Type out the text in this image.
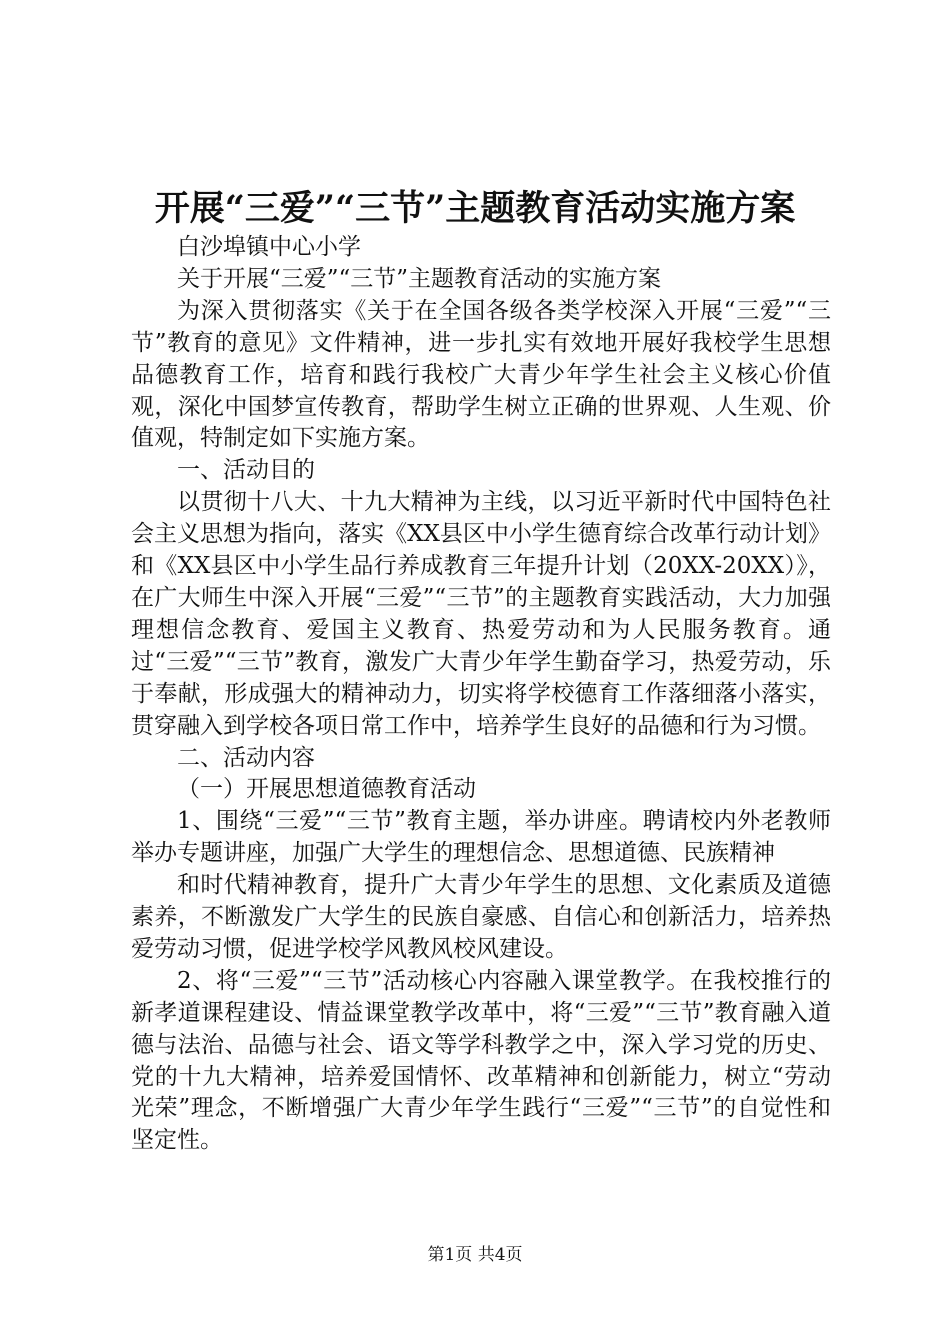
开展“三爱”“三节”主题教育活动实施方案

白沙埠镇中心小学

关于开展“三爱”“三节”主题教育活动的实施方案

为深入贯彻落实《关于在全国各级各类学校深入开展“三爱”“三节”教育的意见》文件精神，进一步扎实有效地开展好我校学生思想品德教育工作，培育和践行我校广大青少年学生社会主义核心价值观，深化中国梦宣传教育，帮助学生树立正确的世界观、人生观、价值观，特制定如下实施方案。

一、活动目的

以贯彻十八大、十九大精神为主线，以习近平新时代中国特色社会主义思想为指向，落实《XX县区中小学生德育综合改革行动计划》和《XX县区中小学生品行养成教育三年提升计划（20XX-20XX）》，在广大师生中深入开展“三爱”“三节”的主题教育实践活动，大力加强理想信念教育、爱国主义教育、热爱劳动和为人民服务教育。通过“三爱”“三节”教育，激发广大青少年学生勤奋学习，热爱劳动，乐于奉献，形成强大的精神动力，切实将学校德育工作落细落小落实，贯穿融入到学校各项日常工作中，培养学生良好的品德和行为习惯。

二、活动内容

（一）开展思想道德教育活动

1、围绕“三爱”“三节”教育主题，举办讲座。聘请校内外老教师举办专题讲座，加强广大学生的理想信念、思想道德、民族精神

和时代精神教育，提升广大青少年学生的思想、文化素质及道德素养，不断激发广大学生的民族自豪感、自信心和创新活力，培养热爱劳动习惯，促进学校学风教风校风建设。

2、将“三爱”“三节”活动核心内容融入课堂教学。在我校推行的新孝道课程建设、情益课堂教学改革中，将“三爱”“三节”教育融入道德与法治、品德与社会、语文等学科教学之中，深入学习党的历史、党的十九大精神，培养爱国情怀、改革精神和创新能力，树立“劳动光荣”理念，不断增强广大青少年学生践行“三爱”“三节”的自觉性和坚定性。

第1页 共4页
